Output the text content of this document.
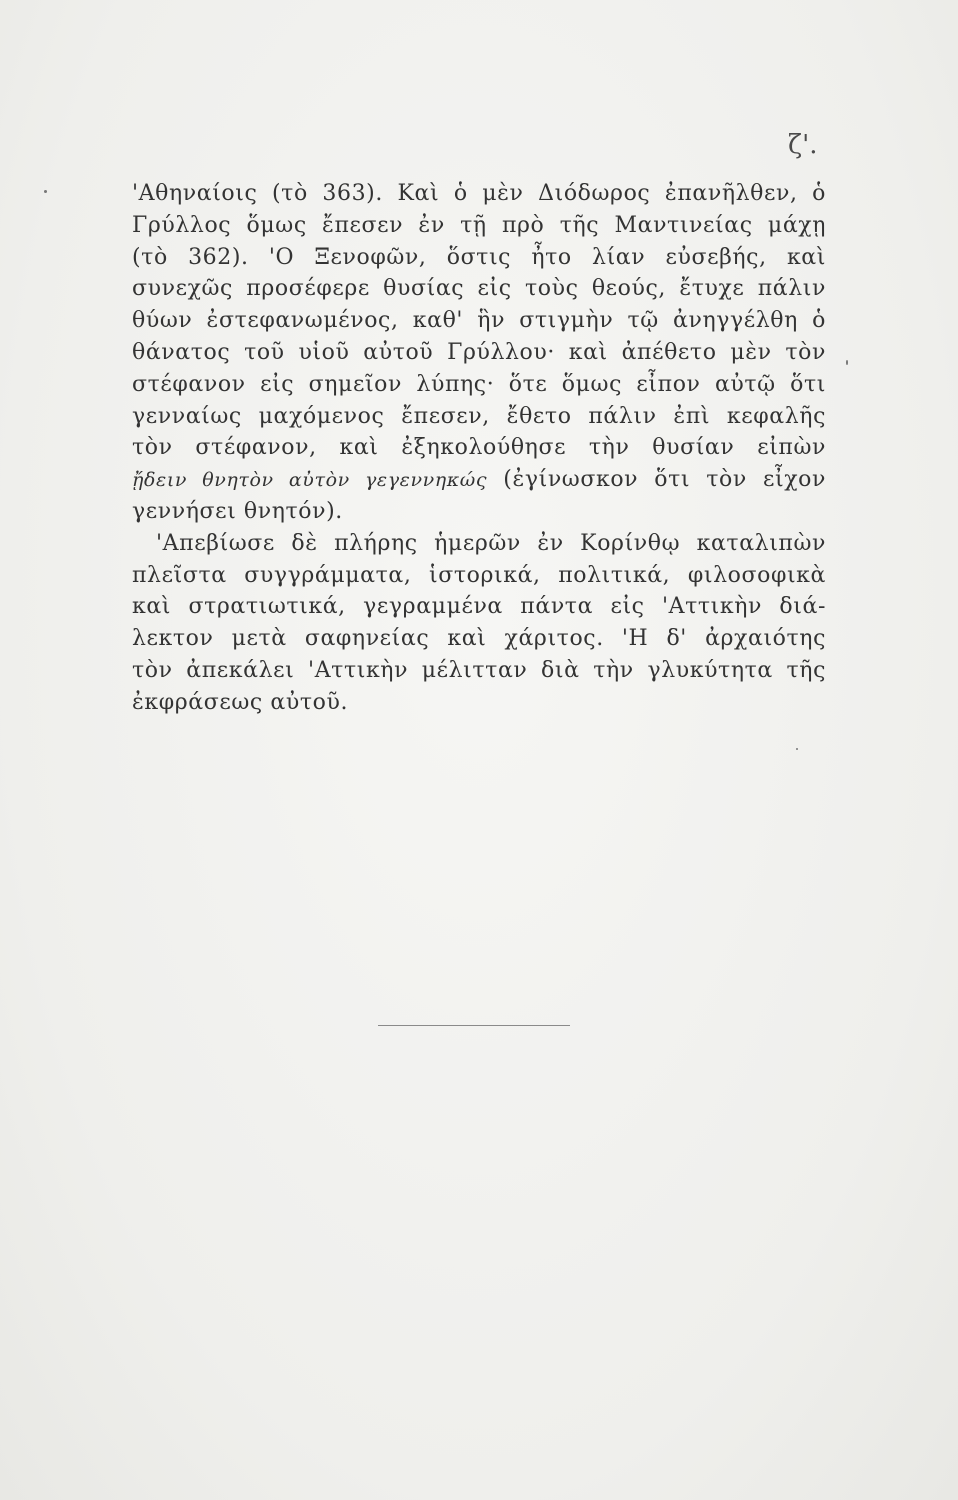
ζ'.
'Αθηναίοις (τὸ 363). Καὶ ὁ μὲν Διόδωρος ἐπανῆλθεν, ὁ
Γρύλλος ὅμως ἔπεσεν ἐν τῇ πρὸ τῆς Μαντινείας μάχῃ
(τὸ 362). 'Ο Ξενοφῶν, ὅστις ἦτο λίαν εὐσεβής, καὶ
συνεχῶς προσέφερε θυσίας εἰς τοὺς θεούς, ἔτυχε πάλιν
θύων ἐστεφανωμένος, καθ' ἣν στιγμὴν τῷ ἀνηγγέλθη ὁ
θάνατος τοῦ υἱοῦ αὐτοῦ Γρύλλου· καὶ ἀπέθετο μὲν τὸν
στέφανον εἰς σημεῖον λύπης· ὅτε ὅμως εἶπον αὐτῷ ὅτι
γενναίως μαχόμενος ἔπεσεν, ἔθετο πάλιν ἐπὶ κεφαλῆς
τὸν στέφανον, καὶ ἐξηκολούθησε τὴν θυσίαν εἰπὼν
ᾔδειν θνητὸν αὐτὸν γεγεννηκώς (ἐγίνωσκον ὅτι τὸν εἶχον
γεννήσει θνητόν).
'Απεβίωσε δὲ πλήρης ἡμερῶν ἐν Κορίνθῳ καταλιπὼν
πλεῖστα συγγράμματα, ἱστορικά, πολιτικά, φιλοσοφικὰ
καὶ στρατιωτικά, γεγραμμένα πάντα εἰς 'Αττικὴν διά-
λεκτον μετὰ σαφηνείας καὶ χάριτος. 'Η δ' ἀρχαιότης
τὸν ἀπεκάλει 'Αττικὴν μέλιτταν διὰ τὴν γλυκύτητα τῆς
ἐκφράσεως αὐτοῦ.
